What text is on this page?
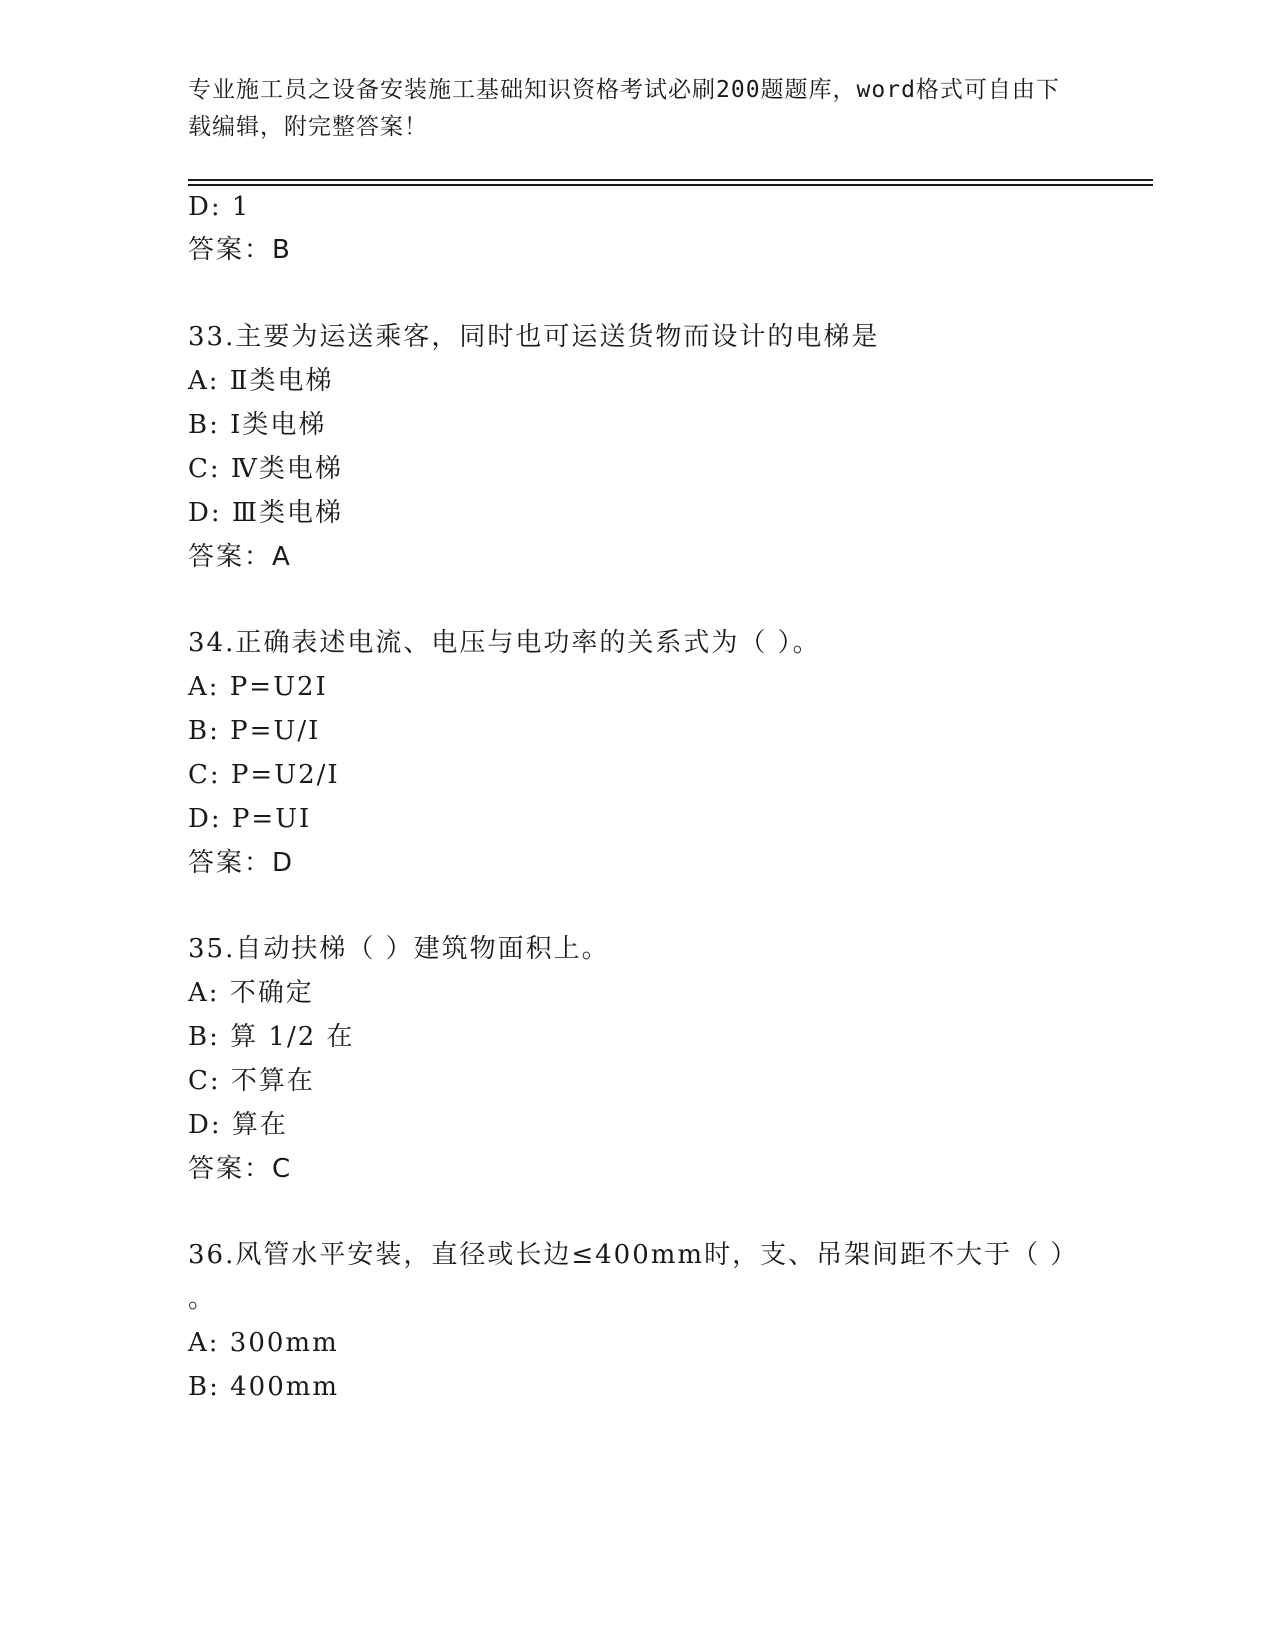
专业施工员之设备安装施工基础知识资格考试必刷200题题库，word格式可自由下载编辑，附完整答案！
D: 1
答案：B
33.主要为运送乘客，同时也可运送货物而设计的电梯是
A: Ⅱ类电梯
B: Ⅰ类电梯
C: Ⅳ类电梯
D: Ⅲ类电梯
答案：A
34.正确表述电流、电压与电功率的关系式为（ ）。
A: P=U2I
B: P=U/I
C: P=U2/I
D: P=UI
答案：D
35.自动扶梯（ ）建筑物面积上。
A: 不确定
B: 算 1/2 在
C: 不算在
D: 算在
答案：C
36.风管水平安装，直径或长边≤400mm时，支、吊架间距不大于（ ）
。
A: 300mm
B: 400mm
